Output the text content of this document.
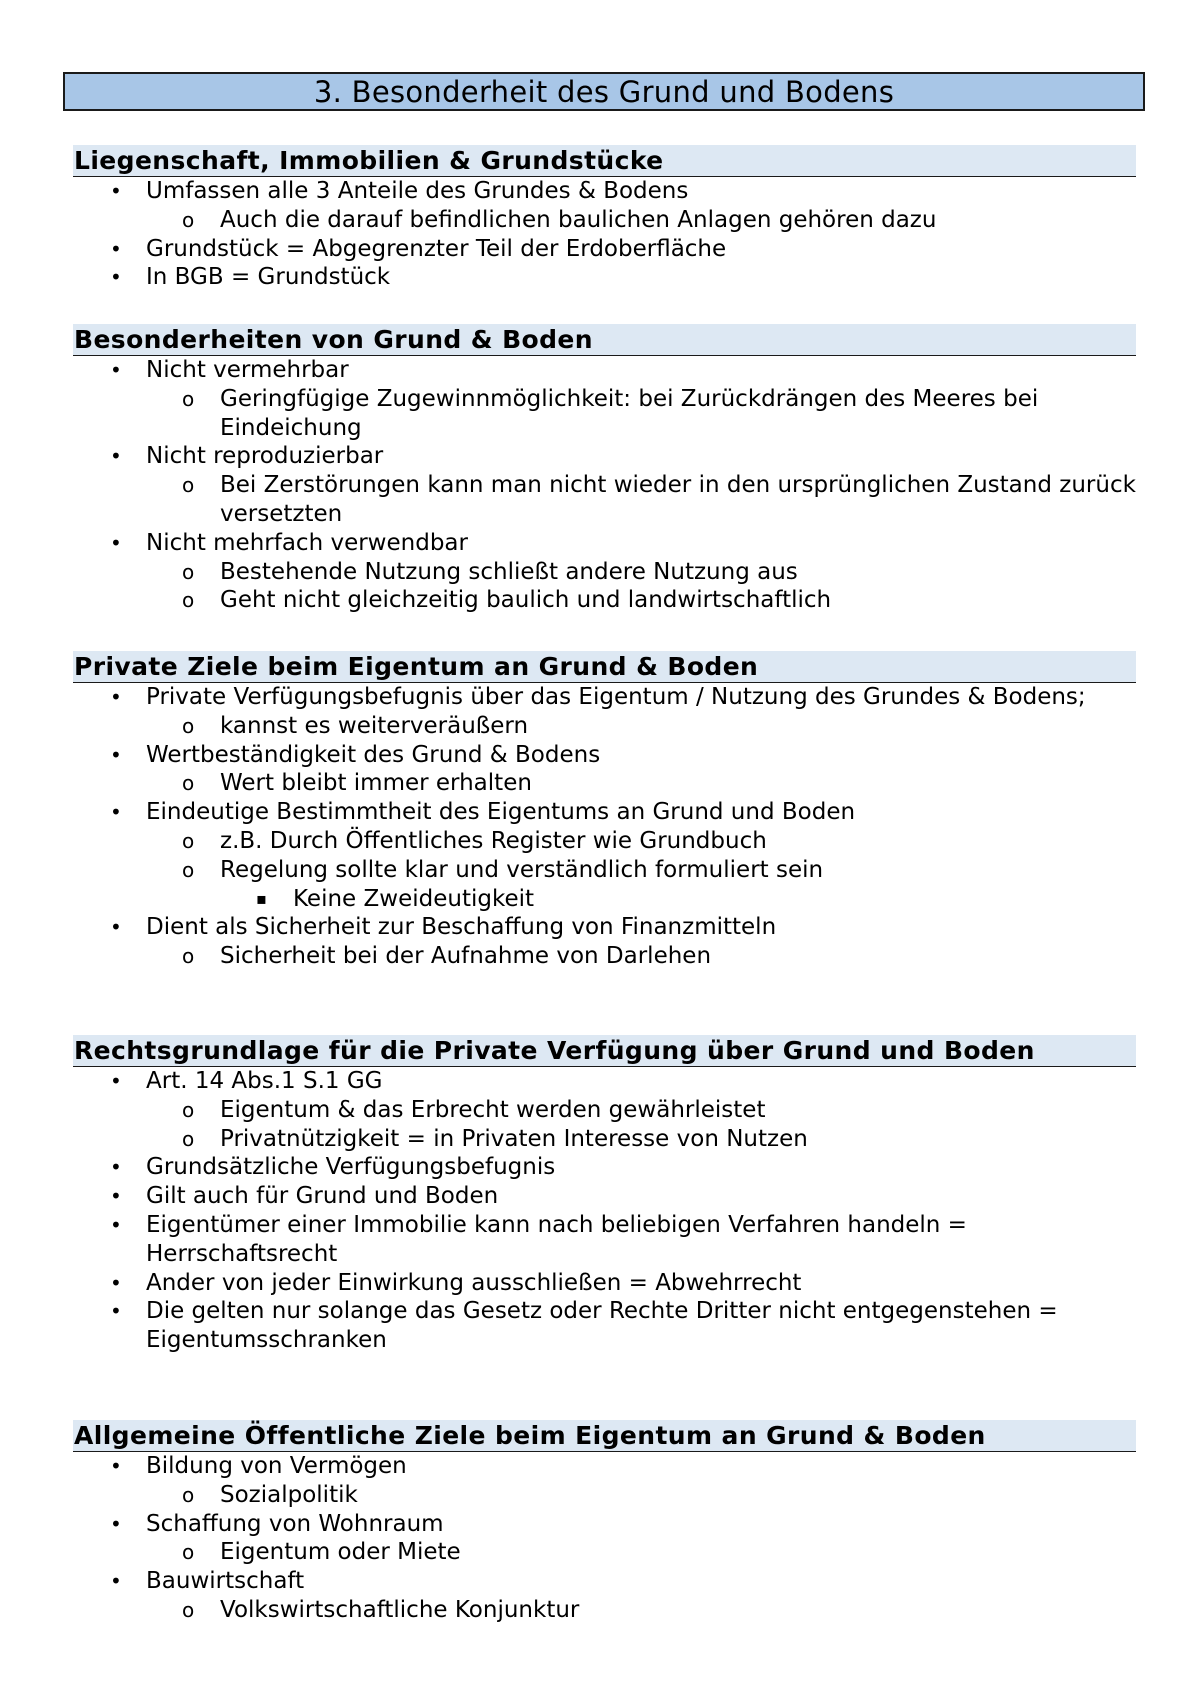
3. Besonderheit des Grund und Bodens
Liegenschaft, Immobilien & Grundstücke
• Umfassen alle 3 Anteile des Grundes & Bodens
o Auch die darauf befindlichen baulichen Anlagen gehören dazu
• Grundstück = Abgegrenzter Teil der Erdoberfläche
• In BGB = Grundstück
Besonderheiten von Grund & Boden
• Nicht vermehrbar
o Geringfügige Zugewinnmöglichkeit: bei Zurückdrängen des Meeres bei Eindeichung
• Nicht reproduzierbar
o Bei Zerstörungen kann man nicht wieder in den ursprünglichen Zustand zurück versetzten
• Nicht mehrfach verwendbar
o Bestehende Nutzung schließt andere Nutzung aus
o Geht nicht gleichzeitig baulich und landwirtschaftlich
Private Ziele beim Eigentum an Grund & Boden
• Private Verfügungsbefugnis über das Eigentum / Nutzung des Grundes & Bodens;
o kannst es weiterveräußern
• Wertbeständigkeit des Grund & Bodens
o Wert bleibt immer erhalten
• Eindeutige Bestimmtheit des Eigentums an Grund und Boden
o z.B. Durch Öffentliches Register wie Grundbuch
o Regelung sollte klar und verständlich formuliert sein
▪ Keine Zweideutigkeit
• Dient als Sicherheit zur Beschaffung von Finanzmitteln
o Sicherheit bei der Aufnahme von Darlehen
Rechtsgrundlage für die Private Verfügung über Grund und Boden
• Art. 14 Abs.1 S.1 GG
o Eigentum & das Erbrecht werden gewährleistet
o Privatnützigkeit = in Privaten Interesse von Nutzen
• Grundsätzliche Verfügungsbefugnis
• Gilt auch für Grund und Boden
• Eigentümer einer Immobilie kann nach beliebigen Verfahren handeln = Herrschaftsrecht
• Ander von jeder Einwirkung ausschließen = Abwehrrecht
• Die gelten nur solange das Gesetz oder Rechte Dritter nicht entgegenstehen = Eigentumsschranken
Allgemeine Öffentliche Ziele beim Eigentum an Grund & Boden
• Bildung von Vermögen
o Sozialpolitik
• Schaffung von Wohnraum
o Eigentum oder Miete
• Bauwirtschaft
o Volkswirtschaftliche Konjunktur
